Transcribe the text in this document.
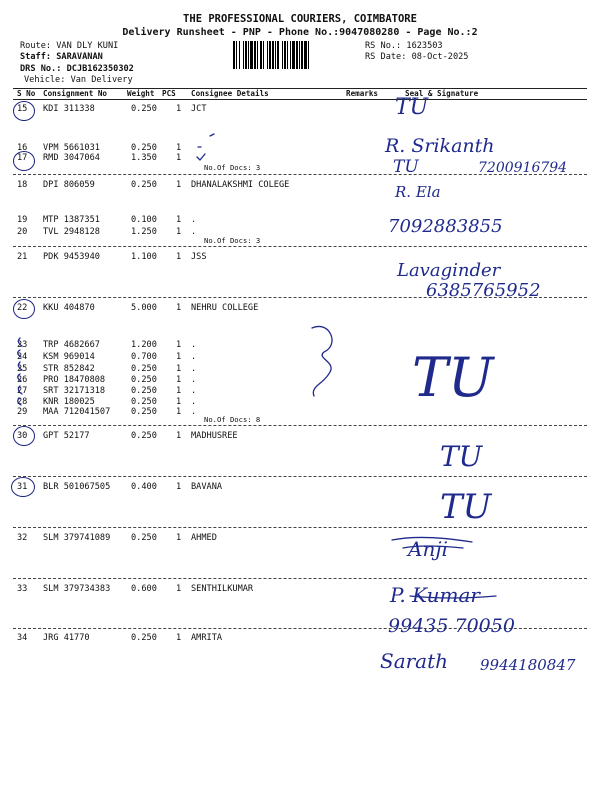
THE PROFESSIONAL COURIERS, COIMBATORE
Delivery Runsheet - PNP - Phone No.:9047080280 - Page No.:2
Route: VAN DLY KUNI
Staff: SARAVANAN
DRS No.: DCJB162350302
Vehicle: Van Delivery
RS No.: 1623503
RS Date: 08-Oct-2025
S No Consignment No	Weight PCS Consignee Details	Remarks	Seal & Signature
15 KDI 311338	0.250 1 JCT
16 VPM 5661031	0.250 1
17 RMD 3047064	1.350 1
18 DPI 806059	0.250 1 DHANALAKSHMI COLEGE
19 MTP 1387351	0.100 1 .
20 TVL 2948128	1.250 1 .
21 PDK 9453940	1.100 1 JSS
22 KKU 404870	5.000 1 NEHRU COLLEGE
23 TRP 4682667	1.200 1 .
24 KSM 969014	0.700 1 .
25 STR 852842	0.250 1 .
26 PRO 18470808	0.250 1 .
27 SRT 32171318	0.250 1 .
28 KNR 180025	0.250 1 .
29 MAA 712041507 0.250 1 .
30 GPT 52177	0.250 1 MADHUSREE
31 BLR 501067505 0.400 1 BAVANA
32 SLM 379741089 0.250 1 AHMED
33 SLM 379734383 0.600 1 SENTHILKUMAR
34 JRG 41770	0.250 1 AMRITA
No.Of Docs: 3
No.Of Docs: 3
No.Of Docs: 8
TU
R. Srikanth
TU	7200916794
R. Ela
7092883855
Lavaginder
6385765952
TU
TU
TU
Anji
P. Kumar
99435 70050
Sarath 9944180847
